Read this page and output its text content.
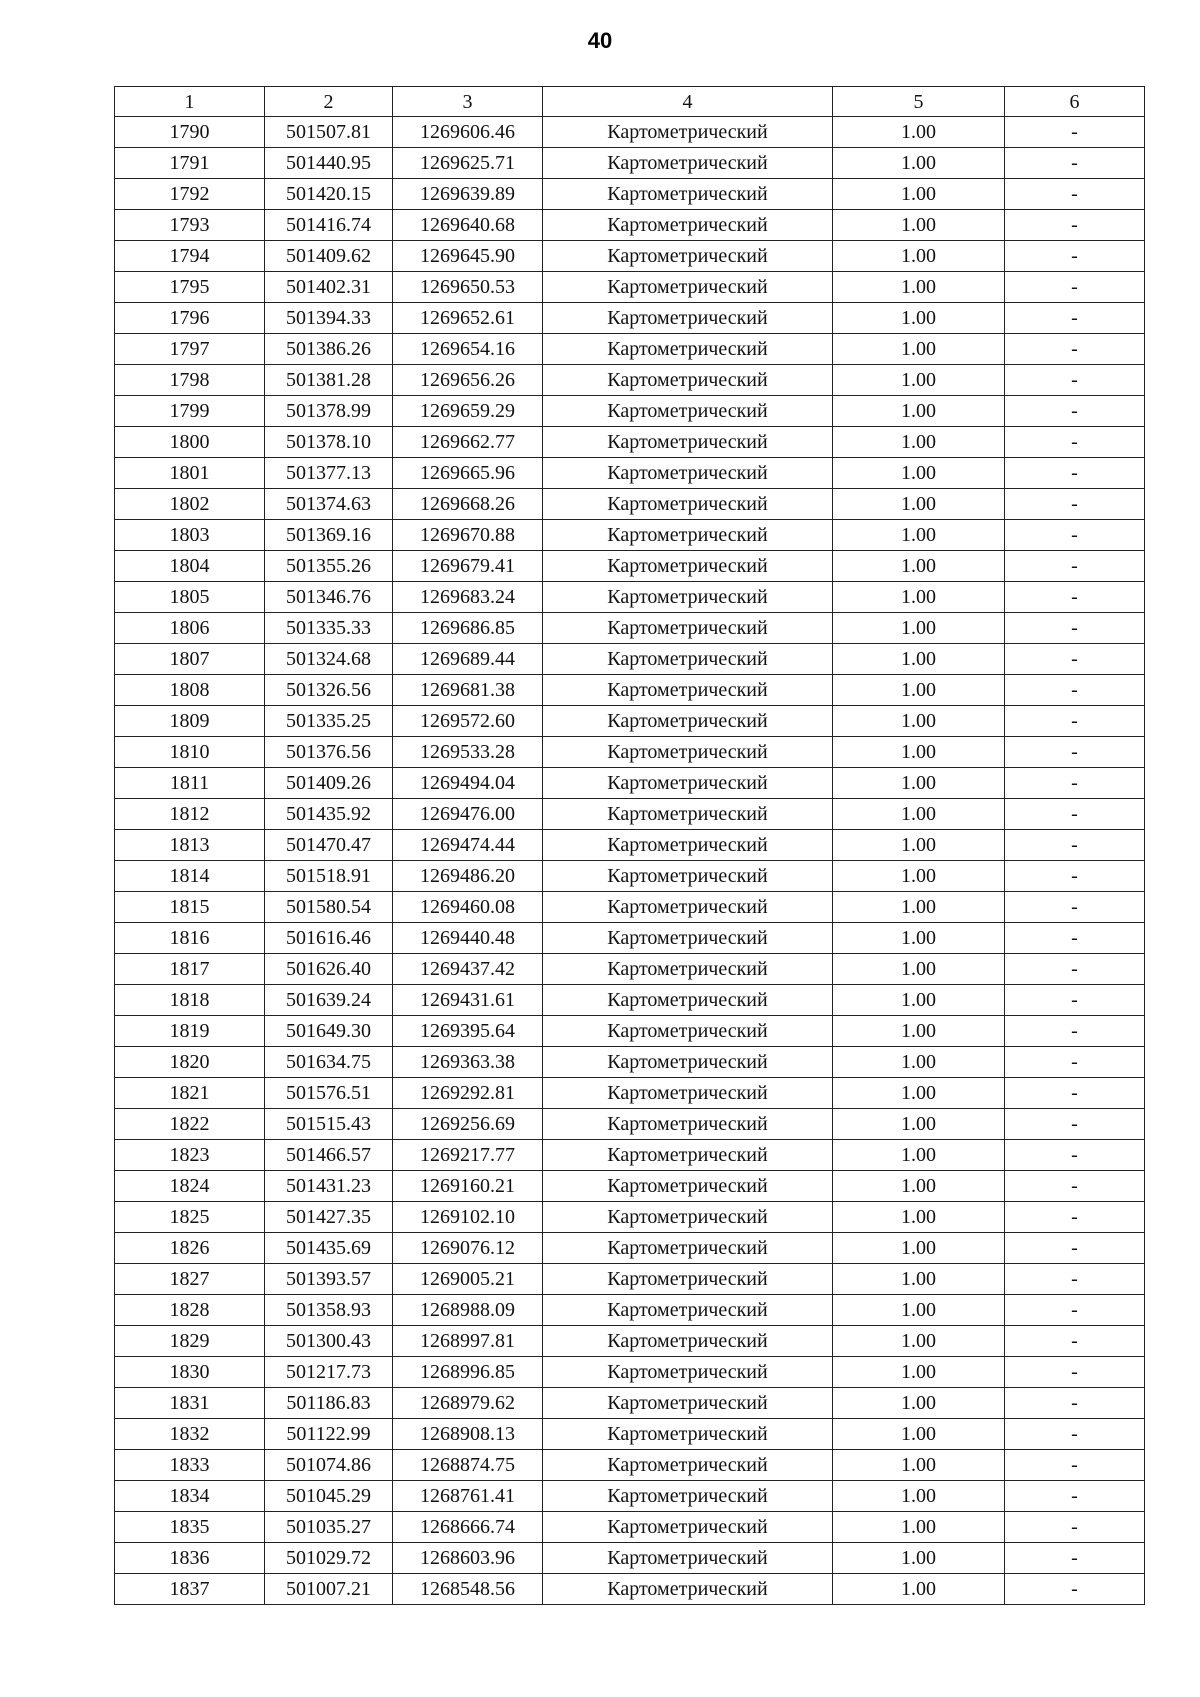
40
1	2	3	4	5	6
1790	501507.81	1269606.46	Картометрический	1.00	-
1791	501440.95	1269625.71	Картометрический	1.00	-
1792	501420.15	1269639.89	Картометрический	1.00	-
1793	501416.74	1269640.68	Картометрический	1.00	-
1794	501409.62	1269645.90	Картометрический	1.00	-
1795	501402.31	1269650.53	Картометрический	1.00	-
1796	501394.33	1269652.61	Картометрический	1.00	-
1797	501386.26	1269654.16	Картометрический	1.00	-
1798	501381.28	1269656.26	Картометрический	1.00	-
1799	501378.99	1269659.29	Картометрический	1.00	-
1800	501378.10	1269662.77	Картометрический	1.00	-
1801	501377.13	1269665.96	Картометрический	1.00	-
1802	501374.63	1269668.26	Картометрический	1.00	-
1803	501369.16	1269670.88	Картометрический	1.00	-
1804	501355.26	1269679.41	Картометрический	1.00	-
1805	501346.76	1269683.24	Картометрический	1.00	-
1806	501335.33	1269686.85	Картометрический	1.00	-
1807	501324.68	1269689.44	Картометрический	1.00	-
1808	501326.56	1269681.38	Картометрический	1.00	-
1809	501335.25	1269572.60	Картометрический	1.00	-
1810	501376.56	1269533.28	Картометрический	1.00	-
1811	501409.26	1269494.04	Картометрический	1.00	-
1812	501435.92	1269476.00	Картометрический	1.00	-
1813	501470.47	1269474.44	Картометрический	1.00	-
1814	501518.91	1269486.20	Картометрический	1.00	-
1815	501580.54	1269460.08	Картометрический	1.00	-
1816	501616.46	1269440.48	Картометрический	1.00	-
1817	501626.40	1269437.42	Картометрический	1.00	-
1818	501639.24	1269431.61	Картометрический	1.00	-
1819	501649.30	1269395.64	Картометрический	1.00	-
1820	501634.75	1269363.38	Картометрический	1.00	-
1821	501576.51	1269292.81	Картометрический	1.00	-
1822	501515.43	1269256.69	Картометрический	1.00	-
1823	501466.57	1269217.77	Картометрический	1.00	-
1824	501431.23	1269160.21	Картометрический	1.00	-
1825	501427.35	1269102.10	Картометрический	1.00	-
1826	501435.69	1269076.12	Картометрический	1.00	-
1827	501393.57	1269005.21	Картометрический	1.00	-
1828	501358.93	1268988.09	Картометрический	1.00	-
1829	501300.43	1268997.81	Картометрический	1.00	-
1830	501217.73	1268996.85	Картометрический	1.00	-
1831	501186.83	1268979.62	Картометрический	1.00	-
1832	501122.99	1268908.13	Картометрический	1.00	-
1833	501074.86	1268874.75	Картометрический	1.00	-
1834	501045.29	1268761.41	Картометрический	1.00	-
1835	501035.27	1268666.74	Картометрический	1.00	-
1836	501029.72	1268603.96	Картометрический	1.00	-
1837	501007.21	1268548.56	Картометрический	1.00	-
